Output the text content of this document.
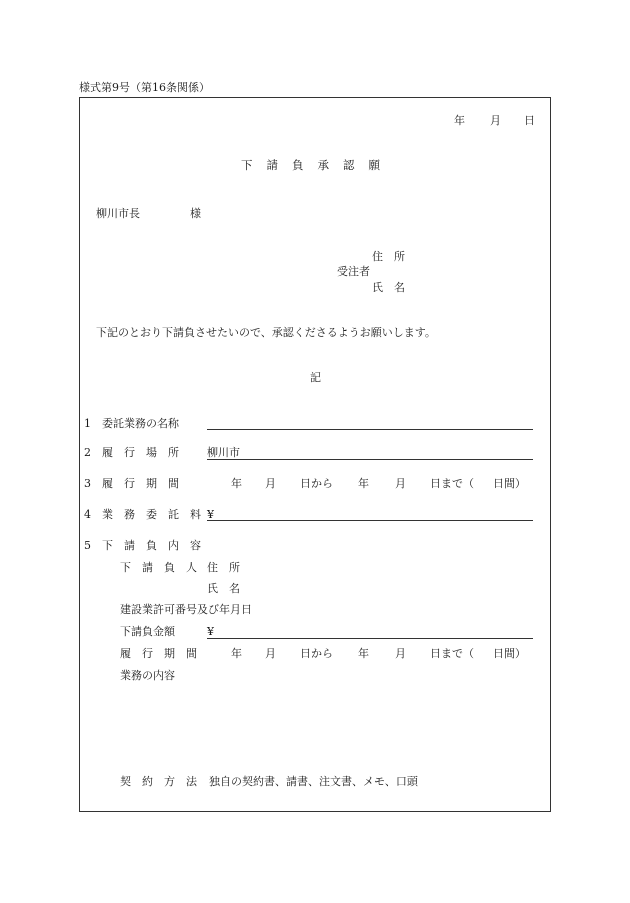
様式第9号（第16条関係）
年 月 日
下請負承認願
柳川市長	様
住　所
受注者
氏　名
下記のとおり下請負させたいので、承認くださるようお願いします。
記
1 委託業務の名称
2 履　行　場　所	柳川市
3 履　行　期　間	年 月 日から 年 月 日まで（ 日間）
4 業　務　委　託　料 ¥
5 下　請　負　内　容
下　請　負　人 住　所
氏　名
建設業許可番号及び年月日
下請負金額	¥
履　行　期　間	年 月 日から 年 月 日まで（ 日間）
業務の内容
契　約　方　法 独自の契約書、請書、注文書、メモ、口頭
